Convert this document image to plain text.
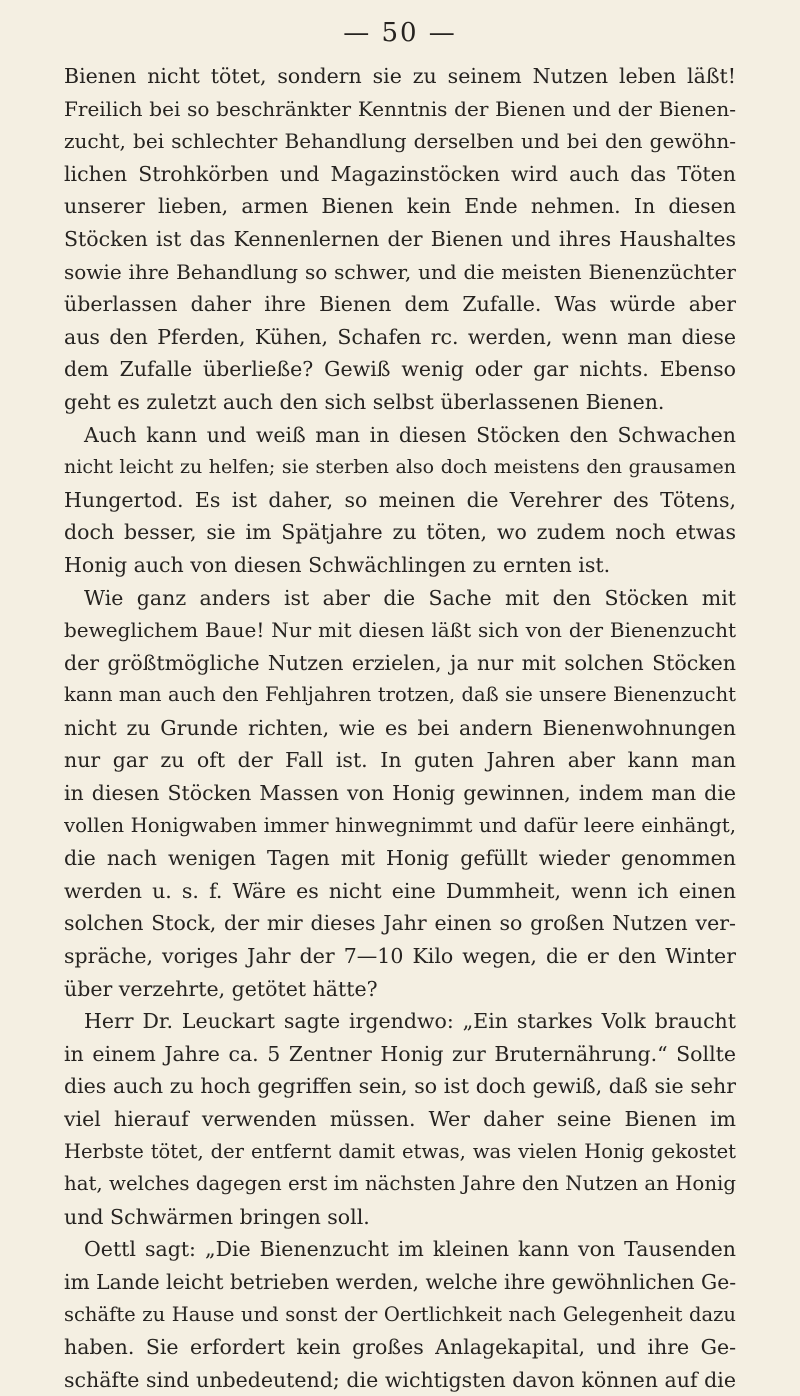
— 50 —
Bienen nicht tötet, sondern sie zu seinem Nutzen leben läßt!
Freilich bei so beschränkter Kenntnis der Bienen und der Bienen-
zucht, bei schlechter Behandlung derselben und bei den gewöhn-
lichen Strohkörben und Magazinstöcken wird auch das Töten
unserer lieben, armen Bienen kein Ende nehmen. In diesen
Stöcken ist das Kennenlernen der Bienen und ihres Haushaltes
sowie ihre Behandlung so schwer, und die meisten Bienenzüchter
überlassen daher ihre Bienen dem Zufalle. Was würde aber
aus den Pferden, Kühen, Schafen rc. werden, wenn man diese
dem Zufalle überließe? Gewiß wenig oder gar nichts. Ebenso
geht es zuletzt auch den sich selbst überlassenen Bienen.
Auch kann und weiß man in diesen Stöcken den Schwachen
nicht leicht zu helfen; sie sterben also doch meistens den grausamen
Hungertod. Es ist daher, so meinen die Verehrer des Tötens,
doch besser, sie im Spätjahre zu töten, wo zudem noch etwas
Honig auch von diesen Schwächlingen zu ernten ist.
Wie ganz anders ist aber die Sache mit den Stöcken mit
beweglichem Baue! Nur mit diesen läßt sich von der Bienenzucht
der größtmögliche Nutzen erzielen, ja nur mit solchen Stöcken
kann man auch den Fehljahren trotzen, daß sie unsere Bienenzucht
nicht zu Grunde richten, wie es bei andern Bienenwohnungen
nur gar zu oft der Fall ist. In guten Jahren aber kann man
in diesen Stöcken Massen von Honig gewinnen, indem man die
vollen Honigwaben immer hinwegnimmt und dafür leere einhängt,
die nach wenigen Tagen mit Honig gefüllt wieder genommen
werden u. s. f. Wäre es nicht eine Dummheit, wenn ich einen
solchen Stock, der mir dieses Jahr einen so großen Nutzen ver-
spräche, voriges Jahr der 7—10 Kilo wegen, die er den Winter
über verzehrte, getötet hätte?
Herr Dr. Leuckart sagte irgendwo: „Ein starkes Volk braucht
in einem Jahre ca. 5 Zentner Honig zur Bruternährung.“ Sollte
dies auch zu hoch gegriffen sein, so ist doch gewiß, daß sie sehr
viel hierauf verwenden müssen. Wer daher seine Bienen im
Herbste tötet, der entfernt damit etwas, was vielen Honig gekostet
hat, welches dagegen erst im nächsten Jahre den Nutzen an Honig
und Schwärmen bringen soll.
Oettl sagt: „Die Bienenzucht im kleinen kann von Tausenden
im Lande leicht betrieben werden, welche ihre gewöhnlichen Ge-
schäfte zu Hause und sonst der Oertlichkeit nach Gelegenheit dazu
haben. Sie erfordert kein großes Anlagekapital, und ihre Ge-
schäfte sind unbedeutend; die wichtigsten davon können auf die
